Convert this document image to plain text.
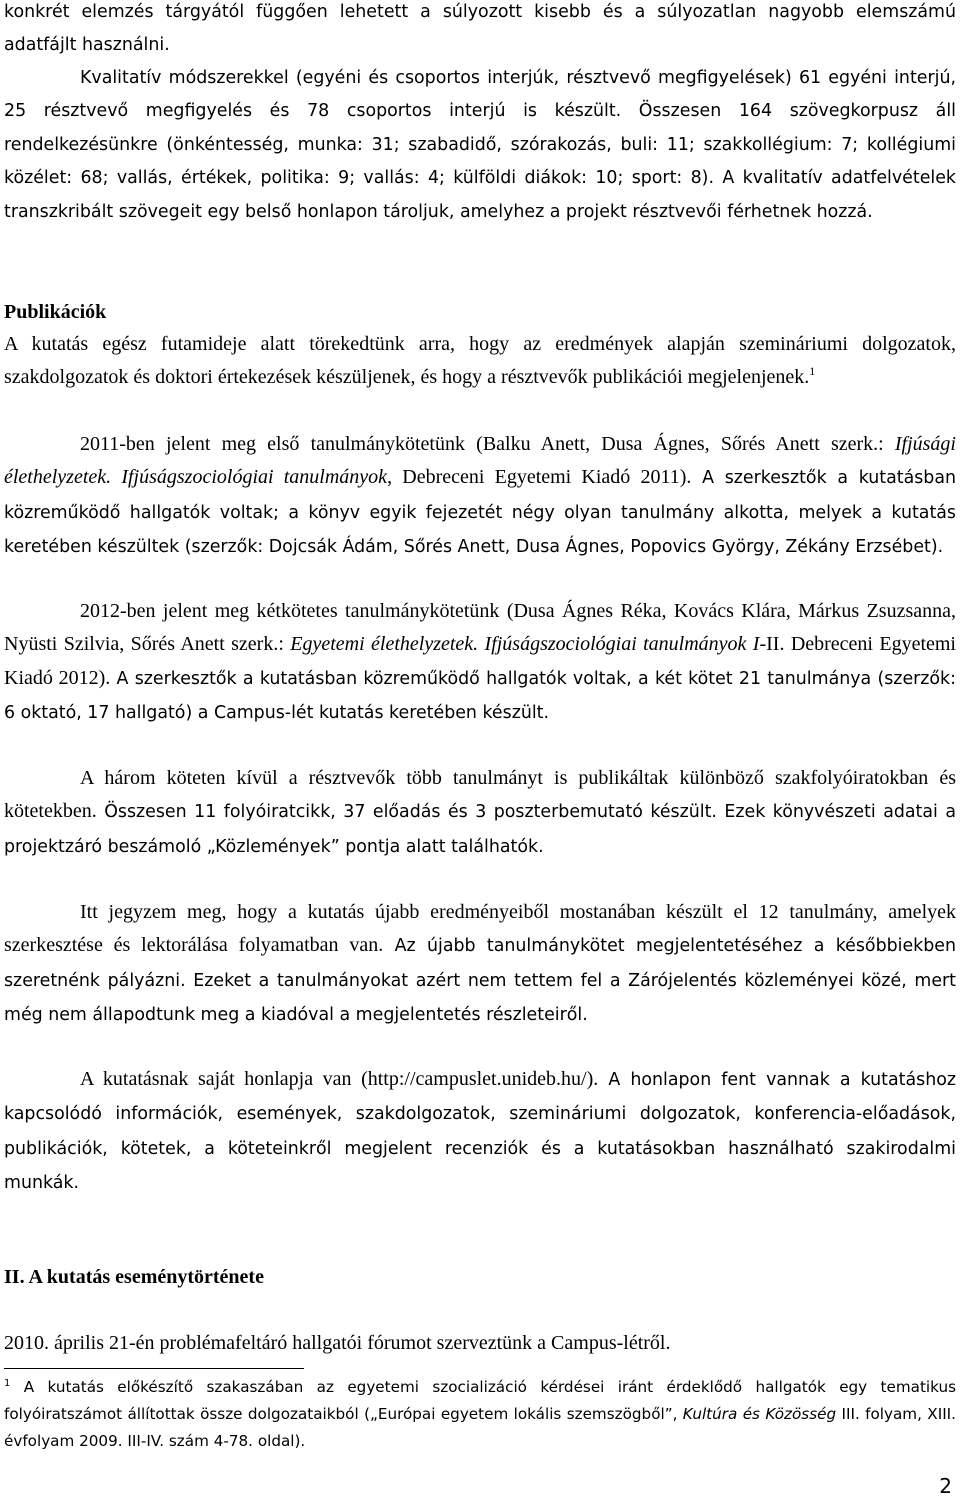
konkrét elemzés tárgyától függően lehetett a súlyozott kisebb és a súlyozatlan nagyobb elemszámú adatfájlt használni.

Kvalitatív módszerekkel (egyéni és csoportos interjúk, résztvevő megfigyelések) 61 egyéni interjú, 25 résztvevő megfigyelés és 78 csoportos interjú is készült. Összesen 164 szövegkorpusz áll rendelkezésünkre (önkéntesség, munka: 31; szabadidő, szórakozás, buli: 11; szakkollégium: 7; kollégiumi közélet: 68; vallás, értékek, politika: 9; vallás: 4; külföldi diákok: 10; sport: 8). A kvalitatív adatfelvételek transzkribált szövegeit egy belső honlapon tároljuk, amelyhez a projekt résztvevői férhetnek hozzá.

Publikációk

A kutatás egész futamideje alatt törekedtünk arra, hogy az eredmények alapján szemináriumi dolgozatok, szakdolgozatok és doktori értekezések készüljenek, és hogy a résztvevők publikációi megjelenjenek.$^1$

2011-ben jelent meg első tanulmánykötetünk (Balku Anett, Dusa Ágnes, Sőrés Anett szerk.: Ifjúsági élethelyzetek. Ifjúságszociológiai tanulmányok, Debreceni Egyetemi Kiadó 2011). A szerkesztők a kutatásban közreműködő hallgatók voltak; a könyv egyik fejezetét négy olyan tanulmány alkotta, melyek a kutatás keretében készültek (szerzők: Dojcsák Ádám, Sőrés Anett, Dusa Ágnes, Popovics György, Zékány Erzsébet).

2012-ben jelent meg kétkötetes tanulmánykötetünk (Dusa Ágnes Réka, Kovács Klára, Márkus Zsuzsanna, Nyüsti Szilvia, Sőrés Anett szerk.: Egyetemi élethelyzetek. Ifjúságszociológiai tanulmányok I-II. Debreceni Egyetemi Kiadó 2012). A szerkesztők a kutatásban közreműködő hallgatók voltak, a két kötet 21 tanulmánya (szerzők: 6 oktató, 17 hallgató) a Campus-lét kutatás keretében készült.

A három köteten kívül a résztvevők több tanulmányt is publikáltak különböző szakfolyóiratokban és kötetekben. Összesen 11 folyóiratcikk, 37 előadás és 3 poszterbemutató készült. Ezek könyvészeti adatai a projektzáró beszámoló „Közlemények” pontja alatt találhatók.

Itt jegyzem meg, hogy a kutatás újabb eredményeiből mostanában készült el 12 tanulmány, amelyek szerkesztése és lektorálása folyamatban van. Az újabb tanulmánykötet megjelentetéséhez a későbbiekben szeretnénk pályázni. Ezeket a tanulmányokat azért nem tettem fel a Zárójelentés közleményei közé, mert még nem állapodtunk meg a kiadóval a megjelentetés részleteiről.

A kutatásnak saját honlapja van (http://campuslet.unideb.hu/). A honlapon fent vannak a kutatáshoz kapcsolódó információk, események, szakdolgozatok, szemináriumi dolgozatok, konferencia-előadások, publikációk, kötetek, a köteteinkről megjelent recenziók és a kutatásokban használható szakirodalmi munkák.

II. A kutatás eseménytörténete

2010. április 21-én problémafeltáró hallgatói fórumot szerveztünk a Campus-létről.

$^1$ A kutatás előkészítő szakaszában az egyetemi szocializáció kérdései iránt érdeklődő hallgatók egy tematikus folyóiratszámot állítottak össze dolgozataikból („Európai egyetem lokális szemszögből”, Kultúra és Közösség III. folyam, XIII. évfolyam 2009. III-IV. szám 4-78. oldal).

2
